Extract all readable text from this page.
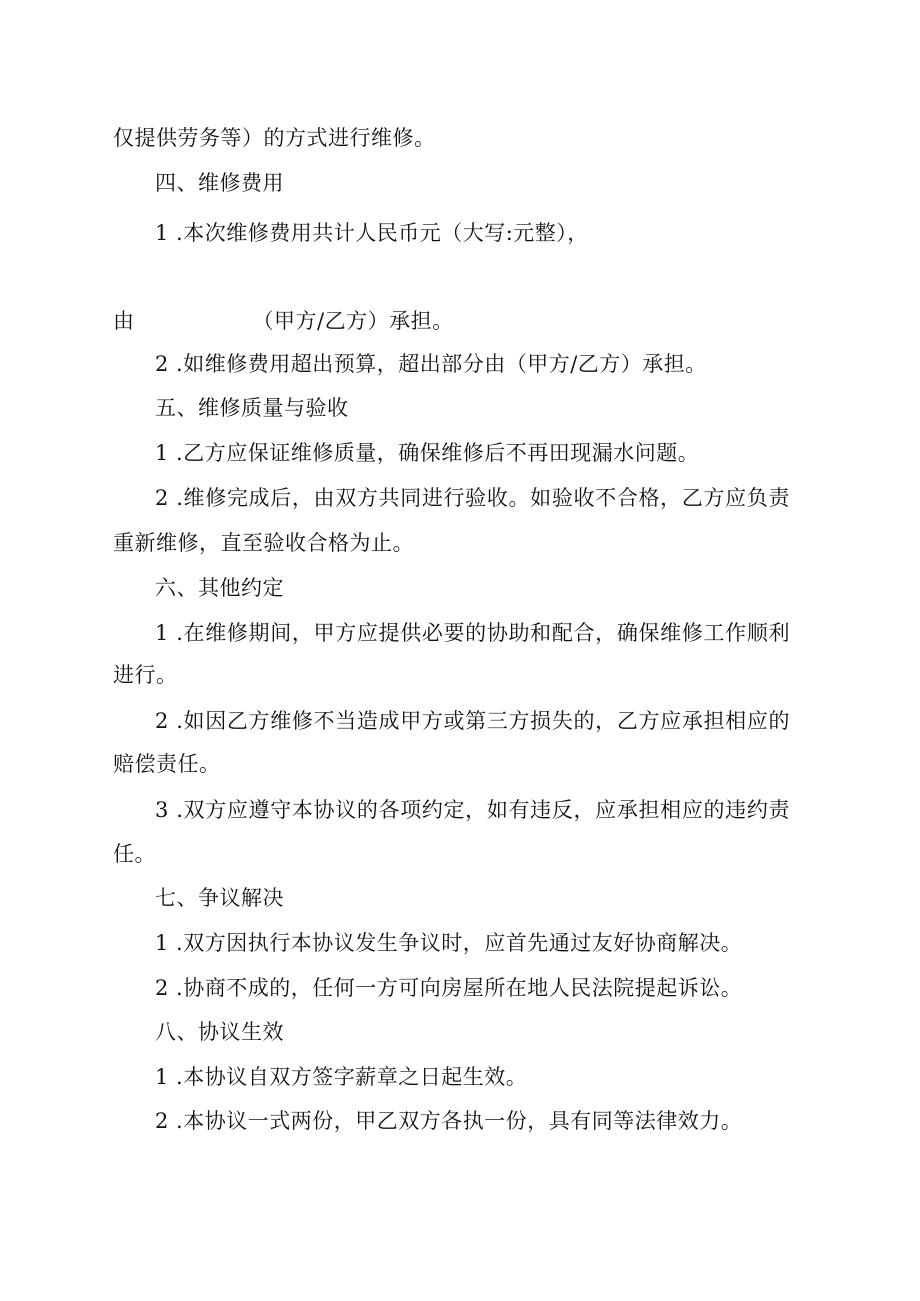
仅提供劳务等）的方式进行维修。
四、维修费用
1 .本次维修费用共计人民币元（大写:元整），
由	（甲方/乙方）承担。
2 .如维修费用超出预算，超出部分由（甲方/乙方）承担。
五、维修质量与验收
1 .乙方应保证维修质量，确保维修后不再田现漏水问题。
2 .维修完成后，由双方共同进行验收。如验收不合格，乙方应负责
重新维修，直至验收合格为止。
六、其他约定
1 .在维修期间，甲方应提供必要的协助和配合，确保维修工作顺利
进行。
2 .如因乙方维修不当造成甲方或第三方损失的，乙方应承担相应的
赔偿责任。
3 .双方应遵守本协议的各项约定，如有违反，应承担相应的违约责
任。
七、争议解决
1 .双方因执行本协议发生争议时，应首先通过友好协商解决。
2 .协商不成的，任何一方可向房屋所在地人民法院提起诉讼。
八、协议生效
1 .本协议自双方签字薪章之日起生效。
2 .本协议一式两份，甲乙双方各执一份，具有同等法律效力。
